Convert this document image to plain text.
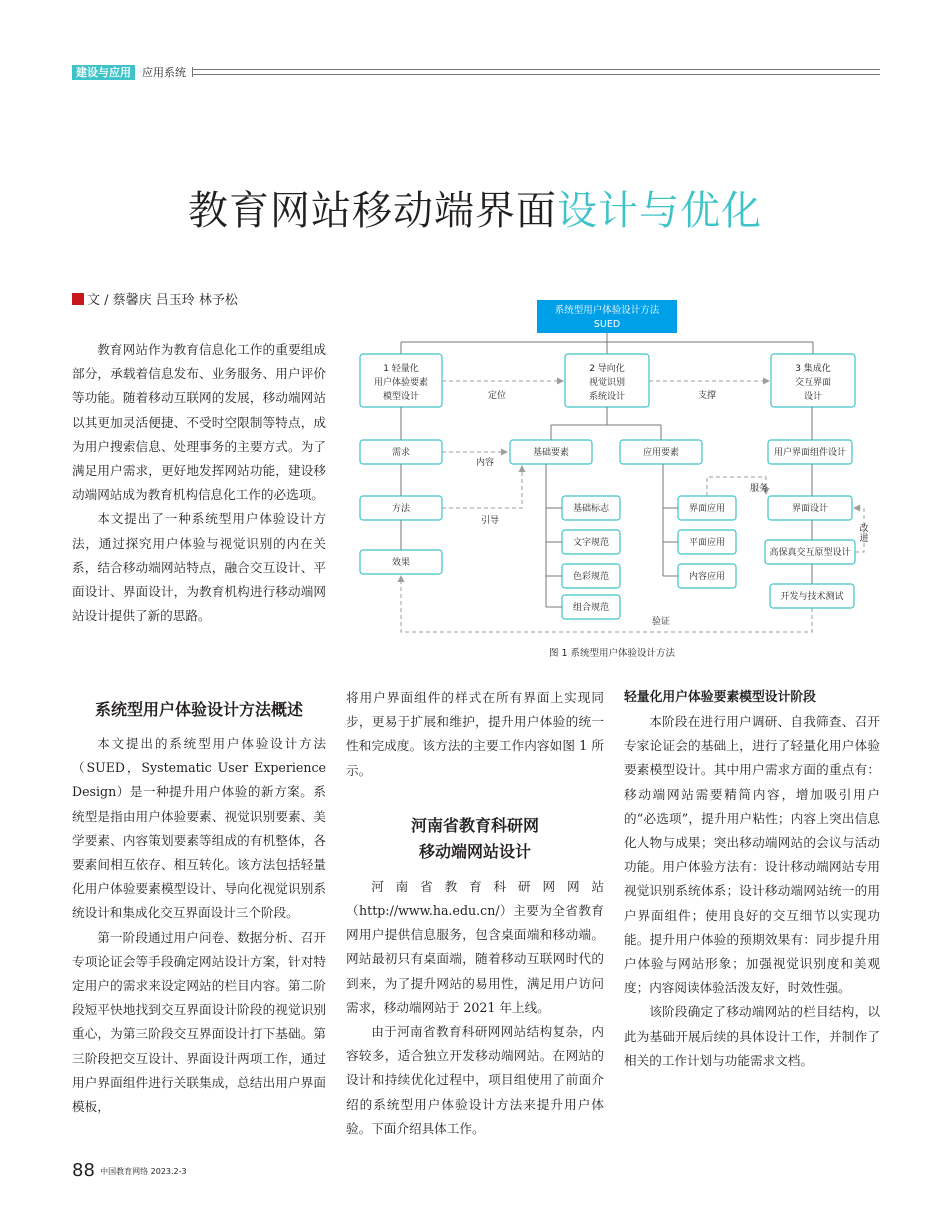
建设与应用	应用系统
教育网站移动端界面设计与优化
文 / 蔡馨庆 吕玉玲 林予松

教育网站作为教育信息化工作的重要组成部分，承载着信息发布、业务服务、用户评价等功能。随着移动互联网的发展，移动端网站以其更加灵活便捷、不受时空限制等特点，成为用户搜索信息、处理事务的主要方式。为了满足用户需求，更好地发挥网站功能，建设移动端网站成为教育机构信息化工作的必选项。

本文提出了一种系统型用户体验设计方法，通过探究用户体验与视觉识别的内在关系，结合移动端网站特点，融合交互设计、平面设计、界面设计，为教育机构进行移动端网站设计提供了新的思路。

系统型用户体验设计方法概述

本文提出的系统型用户体验设计方法（SUED，Systematic User Experience Design）是一种提升用户体验的新方案。系统型是指由用户体验要素、视觉识别要素、美学要素、内容策划要素等组成的有机整体，各要素间相互依存、相互转化。该方法包括轻量化用户体验要素模型设计、导向化视觉识别系统设计和集成化交互界面设计三个阶段。

第一阶段通过用户问卷、数据分析、召开专项论证会等手段确定网站设计方案，针对特定用户的需求来设定网站的栏目内容。第二阶段短平快地找到交互界面设计阶段的视觉识别重心，为第三阶段交互界面设计打下基础。第三阶段把交互设计、界面设计两项工作，通过用户界面组件进行关联集成，总结出用户界面模板，

将用户界面组件的样式在所有界面上实现同步，更易于扩展和维护，提升用户体验的统一性和完成度。该方法的主要工作内容如图 1 所示。

河南省教育科研网
移动端网站设计

河南省教育科研网网站（http://www.ha.edu.cn/）主要为全省教育网用户提供信息服务，包含桌面端和移动端。网站最初只有桌面端，随着移动互联网时代的到来，为了提升网站的易用性，满足用户访问需求，移动端网站于 2021 年上线。

由于河南省教育科研网网站结构复杂，内容较多，适合独立开发移动端网站。在网站的设计和持续优化过程中，项目组使用了前面介绍的系统型用户体验设计方法来提升用户体验。下面介绍具体工作。

轻量化用户体验要素模型设计阶段

本阶段在进行用户调研、自我筛查、召开专家论证会的基础上，进行了轻量化用户体验要素模型设计。其中用户需求方面的重点有：移动端网站需要精简内容，增加吸引用户的“必选项”，提升用户粘性；内容上突出信息化人物与成果；突出移动端网站的会议与活动功能。用户体验方法有：设计移动端网站专用视觉识别系统体系；设计移动端网站统一的用户界面组件；使用良好的交互细节以实现功能。提升用户体验的预期效果有：同步提升用户体验与网站形象；加强视觉识别度和美观度；内容阅读体验活泼友好，时效性强。

该阶段确定了移动端网站的栏目结构，以此为基础开展后续的具体设计工作，并制作了相关的工作计划与功能需求文档。

系统型用户体验设计方法
SUED
1 轻量化
用户体验要素
模型设计
2 导向化
视觉识别
系统设计
3 集成化
交互界面
设计
定位	支撑
需求
方法
效果
内容
引导
基础要素	应用要素
基础标志
文字规范
色彩规范
组合规范
界面应用
平面应用
内容应用
用户界面组件设计
界面设计
高保真交互原型设计
开发与技术测试
服务
改
进
验证
图 1 系统型用户体验设计方法
88 中国教育网络 2023.2-3
